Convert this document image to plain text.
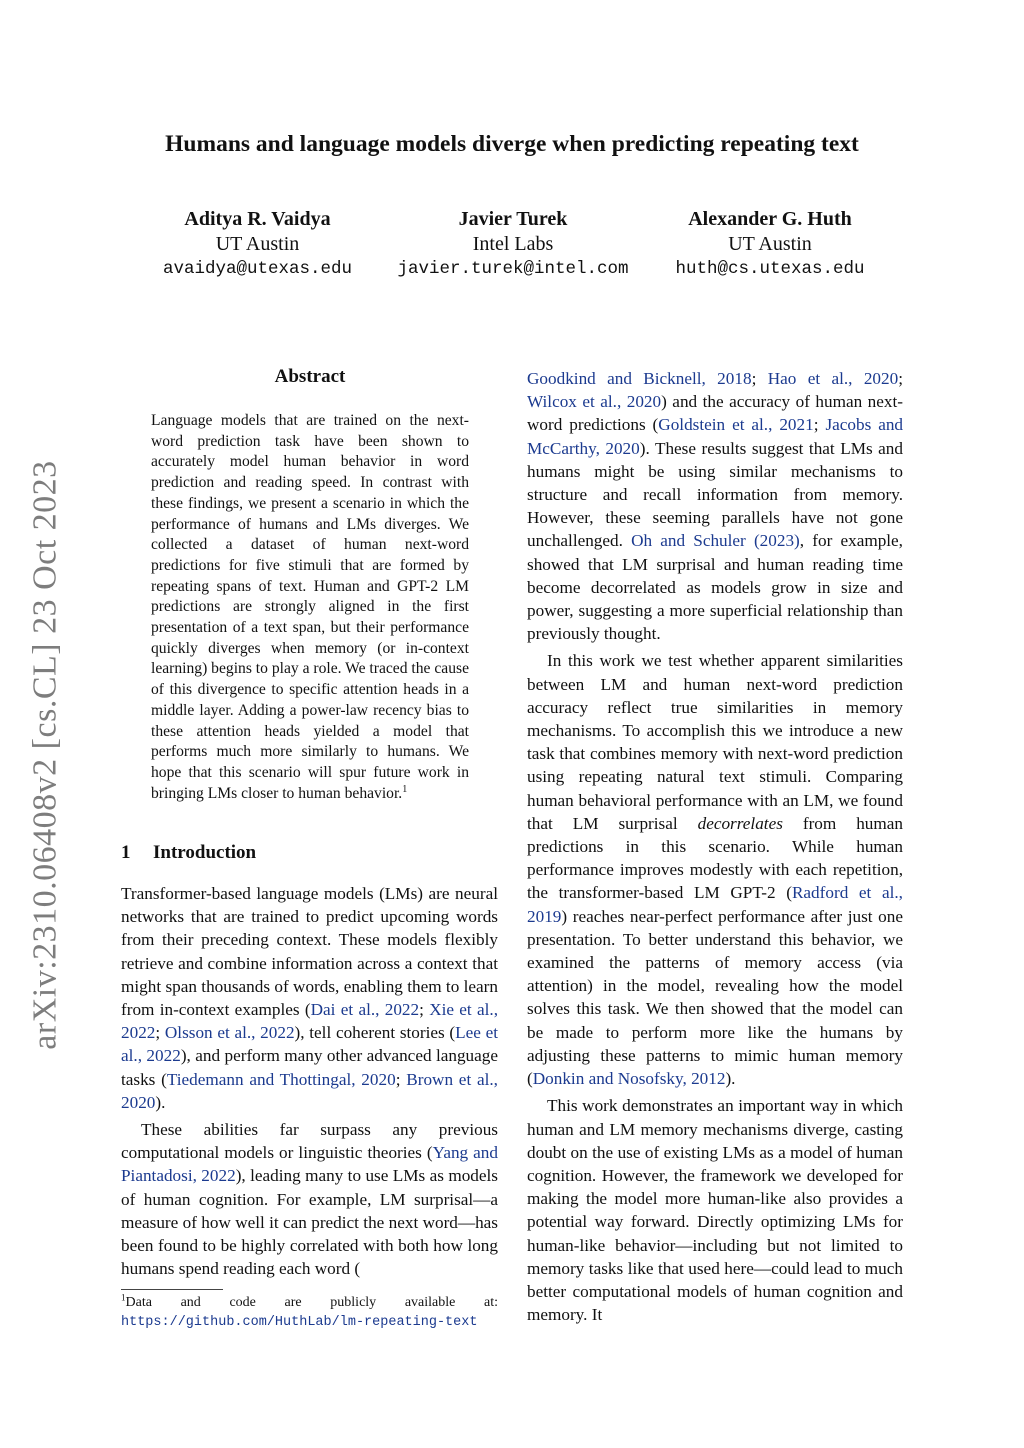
arXiv:2310.06408v2 [cs.CL] 23 Oct 2023
Humans and language models diverge when predicting repeating text
Aditya R. Vaidya
UT Austin
avaidya@utexas.edu
Javier Turek
Intel Labs
javier.turek@intel.com
Alexander G. Huth
UT Austin
huth@cs.utexas.edu
Abstract

Language models that are trained on the next-word prediction task have been shown to accurately model human behavior in word prediction and reading speed. In contrast with these findings, we present a scenario in which the performance of humans and LMs diverges. We collected a dataset of human next-word predictions for five stimuli that are formed by repeating spans of text. Human and GPT-2 LM predictions are strongly aligned in the first presentation of a text span, but their performance quickly diverges when memory (or in-context learning) begins to play a role. We traced the cause of this divergence to specific attention heads in a middle layer. Adding a power-law recency bias to these attention heads yielded a model that performs much more similarly to humans. We hope that this scenario will spur future work in bringing LMs closer to human behavior.$^1$

1 Introduction

Transformer-based language models (LMs) are neural networks that are trained to predict upcoming words from their preceding context. These models flexibly retrieve and combine information across a context that might span thousands of words, enabling them to learn from in-context examples (Dai et al., 2022; Xie et al., 2022; Olsson et al., 2022), tell coherent stories (Lee et al., 2022), and perform many other advanced language tasks (Tiedemann and Thottingal, 2020; Brown et al., 2020).

These abilities far surpass any previous computational models or linguistic theories (Yang and Piantadosi, 2022), leading many to use LMs as models of human cognition. For example, LM surprisal—a measure of how well it can predict the next word—has been found to be highly correlated with both how long humans spend reading each word (

Goodkind and Bicknell, 2018; Hao et al., 2020; Wilcox et al., 2020) and the accuracy of human next-word predictions (Goldstein et al., 2021; Jacobs and McCarthy, 2020). These results suggest that LMs and humans might be using similar mechanisms to structure and recall information from memory. However, these seeming parallels have not gone unchallenged. Oh and Schuler (2023), for example, showed that LM surprisal and human reading time become decorrelated as models grow in size and power, suggesting a more superficial relationship than previously thought.

In this work we test whether apparent similarities between LM and human next-word prediction accuracy reflect true similarities in memory mechanisms. To accomplish this we introduce a new task that combines memory with next-word prediction using repeating natural text stimuli. Comparing human behavioral performance with an LM, we found that LM surprisal decorrelates from human predictions in this scenario. While human performance improves modestly with each repetition, the transformer-based LM GPT-2 (Radford et al., 2019) reaches near-perfect performance after just one presentation. To better understand this behavior, we examined the patterns of memory access (via attention) in the model, revealing how the model solves this task. We then showed that the model can be made to perform more like the humans by adjusting these patterns to mimic human memory (Donkin and Nosofsky, 2012).

This work demonstrates an important way in which human and LM memory mechanisms diverge, casting doubt on the use of existing LMs as a model of human cognition. However, the framework we developed for making the model more human-like also provides a potential way forward. Directly optimizing LMs for human-like behavior—including but not limited to memory tasks like that used here—could lead to much better computational models of human cognition and memory. It

$^1$Data and code are publicly available at: https://github.com/HuthLab/lm-repeating-text
